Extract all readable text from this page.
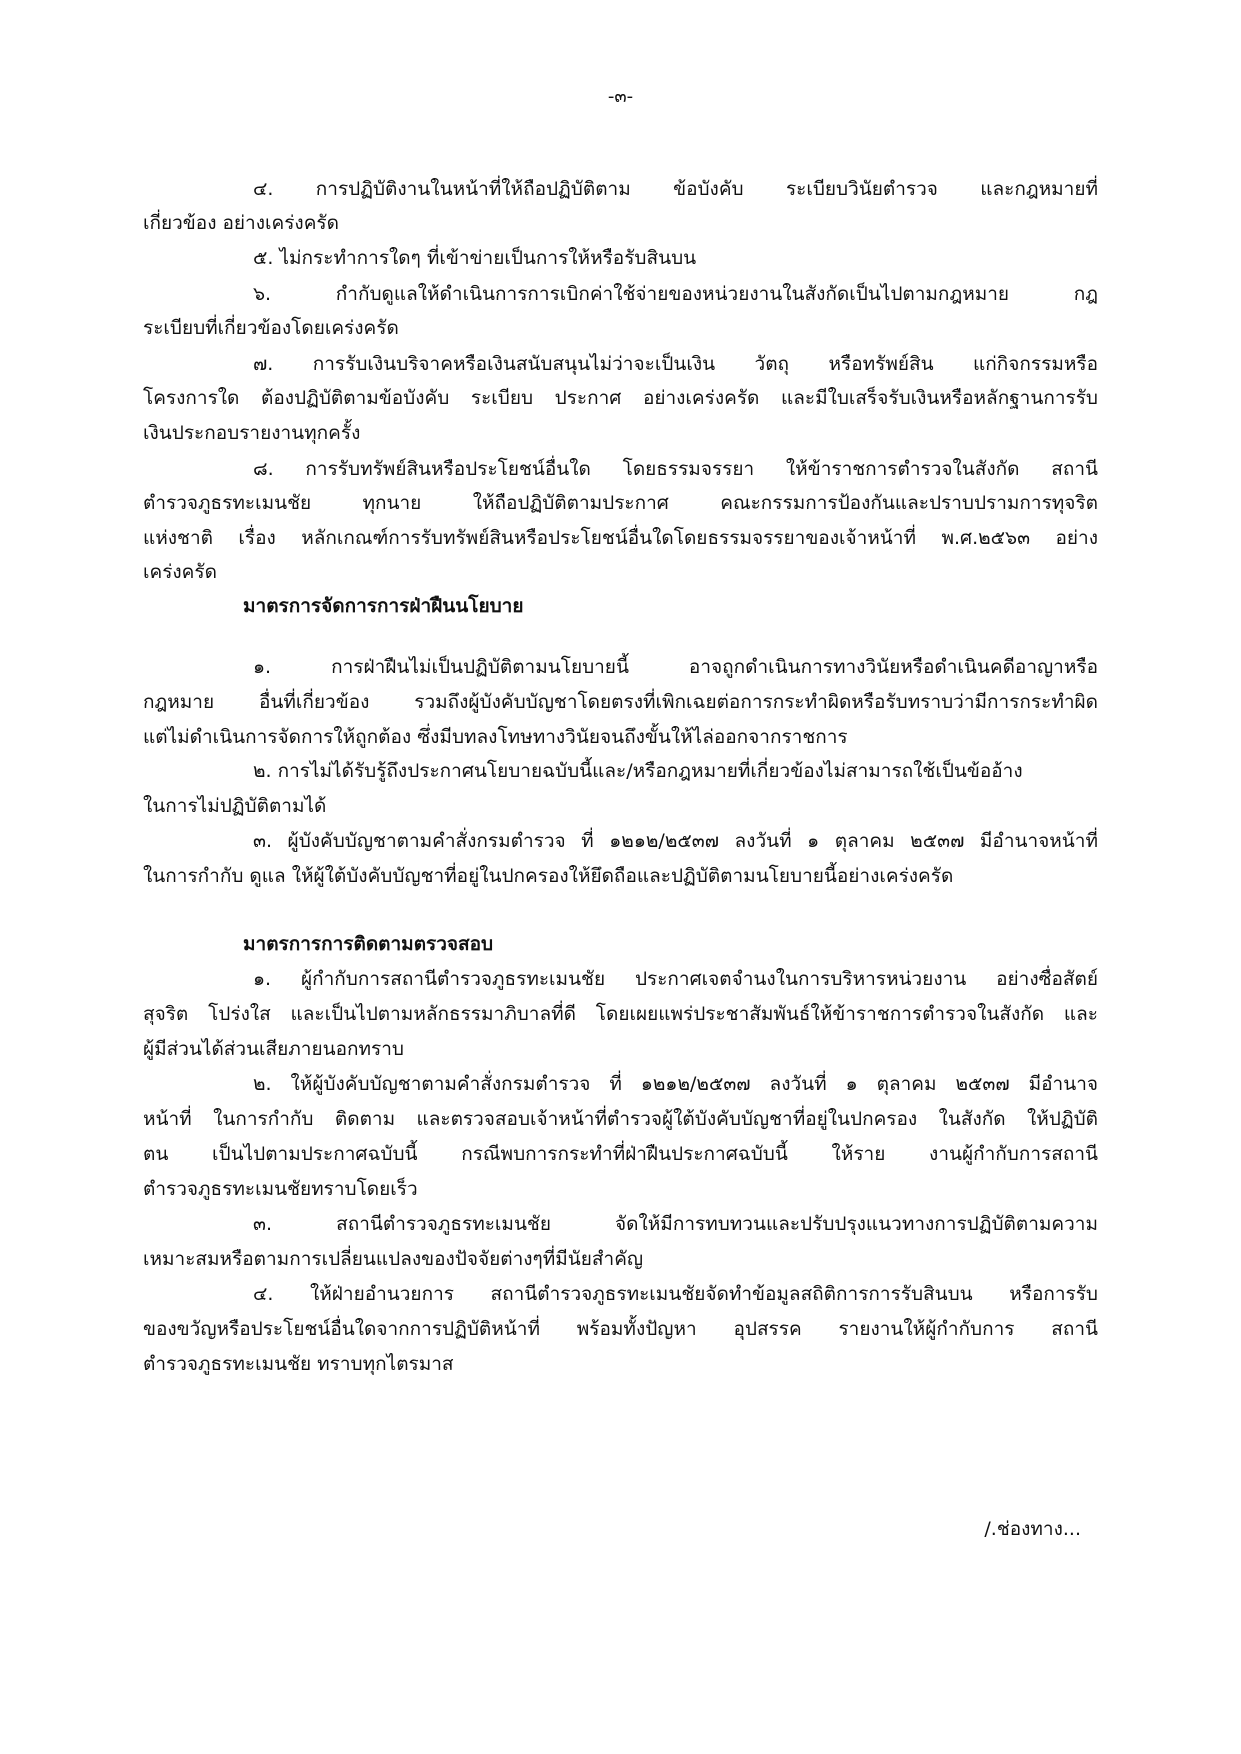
-๓-
๔. การปฏิบัติงานในหน้าที่ให้ถือปฏิบัติตาม ข้อบังคับ ระเบียบวินัยตำรวจ และกฎหมายที่
เกี่ยวข้อง อย่างเคร่งครัด
๕. ไม่กระทำการใดๆ ที่เข้าข่ายเป็นการให้หรือรับสินบน
๖. กำกับดูแลให้ดำเนินการการเบิกค่าใช้จ่ายของหน่วยงานในสังกัดเป็นไปตามกฎหมาย กฎ
ระเบียบที่เกี่ยวข้องโดยเคร่งครัด
๗. การรับเงินบริจาคหรือเงินสนับสนุนไม่ว่าจะเป็นเงิน วัตถุ หรือทรัพย์สิน แก่กิจกรรมหรือ
โครงการใด ต้องปฏิบัติตามข้อบังคับ ระเบียบ ประกาศ อย่างเคร่งครัด และมีใบเสร็จรับเงินหรือหลักฐานการรับ
เงินประกอบรายงานทุกครั้ง
๘. การรับทรัพย์สินหรือประโยชน์อื่นใด โดยธรรมจรรยา ให้ข้าราชการตำรวจในสังกัด สถานี
ตำรวจภูธรทะเมนชัย ทุกนาย ให้ถือปฏิบัติตามประกาศ คณะกรรมการป้องกันและปราบปรามการทุจริต
แห่งชาติ เรื่อง หลักเกณฑ์การรับทรัพย์สินหรือประโยชน์อื่นใดโดยธรรมจรรยาของเจ้าหน้าที่ พ.ศ.๒๕๖๓ อย่าง
เคร่งครัด
มาตรการจัดการการฝ่าฝืนนโยบาย
๑. การฝ่าฝืนไม่เป็นปฏิบัติตามนโยบายนี้ อาจถูกดำเนินการทางวินัยหรือดำเนินคดีอาญาหรือ
กฎหมาย อื่นที่เกี่ยวข้อง รวมถึงผู้บังคับบัญชาโดยตรงที่เพิกเฉยต่อการกระทำผิดหรือรับทราบว่ามีการกระทำผิด
แต่ไม่ดำเนินการจัดการให้ถูกต้อง ซึ่งมีบทลงโทษทางวินัยจนถึงขั้นให้ไล่ออกจากราชการ
๒. การไม่ได้รับรู้ถึงประกาศนโยบายฉบับนี้และ/หรือกฎหมายที่เกี่ยวข้องไม่สามารถใช้เป็นข้ออ้าง
ในการไม่ปฏิบัติตามได้
๓. ผู้บังคับบัญชาตามคำสั่งกรมตำรวจ ที่ ๑๒๑๒/๒๕๓๗ ลงวันที่ ๑ ตุลาคม ๒๕๓๗ มีอำนาจหน้าที่
ในการกำกับ ดูแล ให้ผู้ใต้บังคับบัญชาที่อยู่ในปกครองให้ยึดถือและปฏิบัติตามนโยบายนี้อย่างเคร่งครัด
มาตรการการติดตามตรวจสอบ
๑. ผู้กำกับการสถานีตำรวจภูธรทะเมนชัย ประกาศเจตจำนงในการบริหารหน่วยงาน อย่างซื่อสัตย์
สุจริต โปร่งใส และเป็นไปตามหลักธรรมาภิบาลที่ดี โดยเผยแพร่ประชาสัมพันธ์ให้ข้าราชการตำรวจในสังกัด และ
ผู้มีส่วนได้ส่วนเสียภายนอกทราบ
๒. ให้ผู้บังคับบัญชาตามคำสั่งกรมตำรวจ ที่ ๑๒๑๒/๒๕๓๗ ลงวันที่ ๑ ตุลาคม ๒๕๓๗ มีอำนาจ
หน้าที่ ในการกำกับ ติดตาม และตรวจสอบเจ้าหน้าที่ตำรวจผู้ใต้บังคับบัญชาที่อยู่ในปกครอง ในสังกัด ให้ปฏิบัติ
ตน เป็นไปตามประกาศฉบับนี้ กรณีพบการกระทำที่ฝ่าฝืนประกาศฉบับนี้ ให้ราย งานผู้กำกับการสถานี
ตำรวจภูธรทะเมนชัยทราบโดยเร็ว
๓. สถานีตำรวจภูธรทะเมนชัย จัดให้มีการทบทวนและปรับปรุงแนวทางการปฏิบัติตามความ
เหมาะสมหรือตามการเปลี่ยนแปลงของปัจจัยต่างๆที่มีนัยสำคัญ
๔. ให้ฝ่ายอำนวยการ สถานีตำรวจภูธรทะเมนชัยจัดทำข้อมูลสถิติการการรับสินบน หรือการรับ
ของขวัญหรือประโยชน์อื่นใดจากการปฏิบัติหน้าที่ พร้อมทั้งปัญหา อุปสรรค รายงานให้ผู้กำกับการ สถานี
ตำรวจภูธรทะเมนชัย ทราบทุกไตรมาส
/.ช่องทาง...
